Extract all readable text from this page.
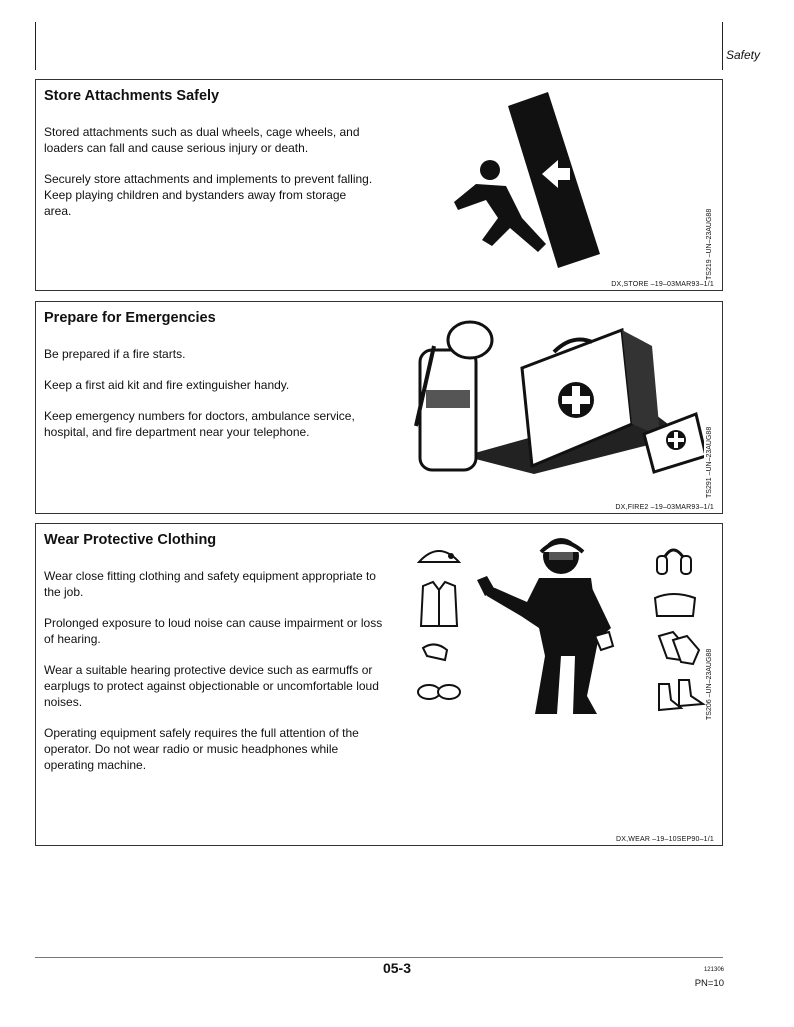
Safety
Store Attachments Safely

Stored attachments such as dual wheels, cage wheels, and loaders can fall and cause serious injury or death.

Securely store attachments and implements to prevent falling. Keep playing children and bystanders away from storage area.	TS219 –UN–23AUG88
DX,STORE –19–03MAR93–1/1
Prepare for Emergencies

Be prepared if a fire starts.

Keep a first aid kit and fire extinguisher handy.

Keep emergency numbers for doctors, ambulance service, hospital, and fire department near your telephone.	TS291 –UN–23AUG88
DX,FIRE2 –19–03MAR93–1/1
Wear Protective Clothing

Wear close fitting clothing and safety equipment appropriate to the job.

Prolonged exposure to loud noise can cause impairment or loss of hearing.

Wear a suitable hearing protective device such as earmuffs or earplugs to protect against objectionable or uncomfortable loud noises.

Operating equipment safely requires the full attention of the operator. Do not wear radio or music headphones while operating machine.

TS206 –UN–23AUG88
DX,WEAR –19–10SEP90–1/1
05-3	121306
PN=10
